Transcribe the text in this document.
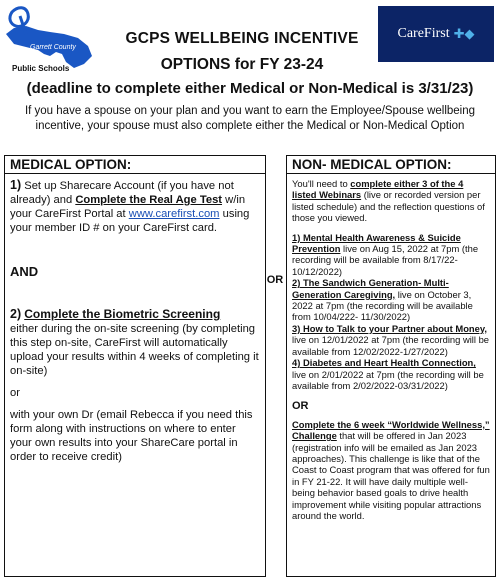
Garrett County
Public Schools
CareFirst ✚◆
GCPS WELLBEING INCENTIVE
OPTIONS for FY 23-24
(deadline to complete either Medical or Non-Medical is 3/31/23)
If you have a spouse on your plan and you want to earn the Employee/Spouse wellbeing incentive, your spouse must also complete either the Medical or Non-Medical Option
MEDICAL OPTION:

1) Set up Sharecare Account (if you have not already) and Complete the Real Age Test w/in your CareFirst Portal at www.carefirst.com using your member ID # on your CareFirst card.

AND

2) Complete the Biometric Screening

either during the on-site screening (by completing this step on-site, CareFirst will automatically upload your results within 4 weeks of completing it on-site)

or

with your own Dr (email Rebecca if you need this form along with instructions on where to enter your own results into your ShareCare portal in order to receive credit)

OR
NON- MEDICAL OPTION:

You'll need to complete either 3 of the 4 listed Webinars (live or recorded version per listed schedule) and the reflection questions of those you viewed.

1) Mental Health Awareness & Suicide Prevention live on Aug 15, 2022 at 7pm (the recording will be available from 8/17/22-10/12/2022)

2) The Sandwich Generation- Multi-Generation Caregiving, live on October 3, 2022 at 7pm (the recording will be available from 10/04/222- 11/30/2022)

3) How to Talk to your Partner about Money, live on 12/01/2022 at 7pm (the recording will be available from 12/02/2022-1/27/2022)

4) Diabetes and Heart Health Connection, live on 2/01/2022 at 7pm (the recording will be available from 2/02/2022-03/31/2022)

OR

Complete the 6 week “Worldwide Wellness,” Challenge that will be offered in Jan 2023 (registration info will be emailed as Jan 2023 approaches). This challenge is like that of the Coast to Coast program that was offered for fun in FY 21-22. It will have daily multiple well-being behavior based goals to drive health improvement while visiting popular attractions around the world.
